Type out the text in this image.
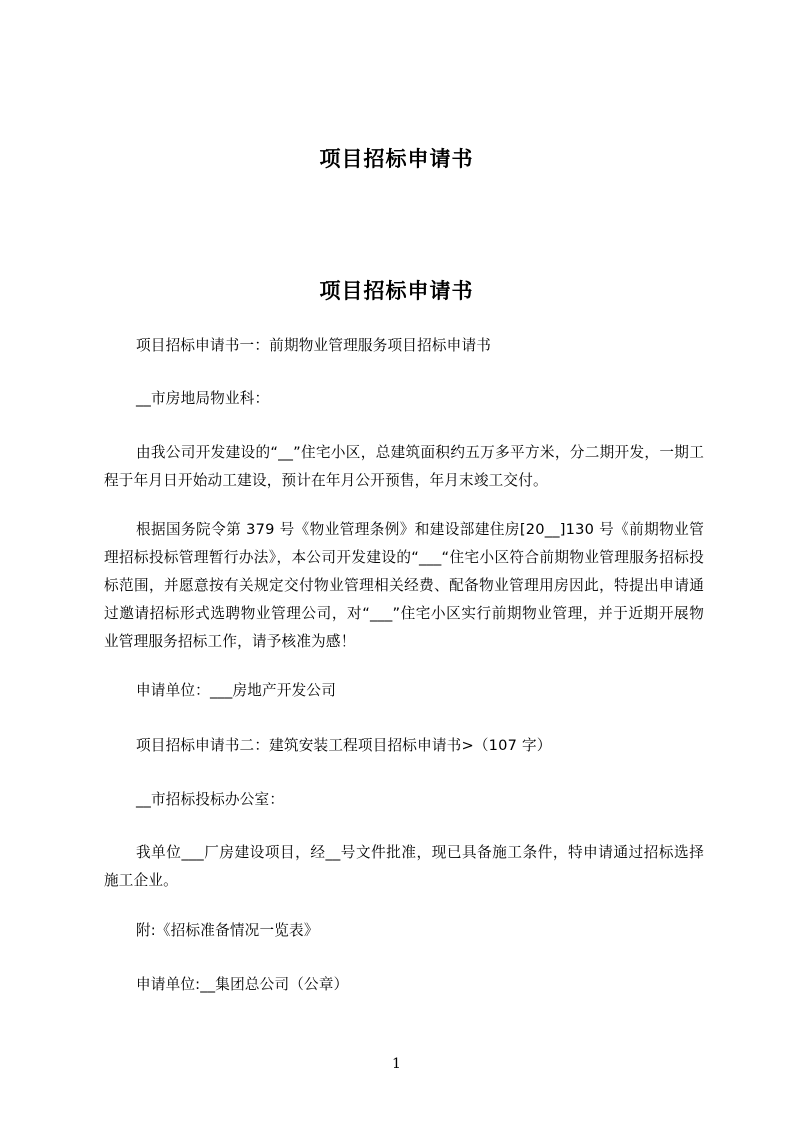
项目招标申请书
项目招标申请书

项目招标申请书一：前期物业管理服务项目招标申请书

__市房地局物业科：

由我公司开发建设的“__”住宅小区，总建筑面积约五万多平方米，分二期开发，一期工程于年月日开始动工建设，预计在年月公开预售，年月末竣工交付。

根据国务院令第 379 号《物业管理条例》和建设部建住房[20__]130 号《前期物业管理招标投标管理暂行办法》，本公司开发建设的“___“住宅小区符合前期物业管理服务招标投标范围，并愿意按有关规定交付物业管理相关经费、配备物业管理用房因此，特提出申请通过邀请招标形式选聘物业管理公司，对“___”住宅小区实行前期物业管理，并于近期开展物业管理服务招标工作，请予核准为感！

申请单位：___房地产开发公司

项目招标申请书二：建筑安装工程项目招标申请书>（107 字）

__市招标投标办公室：

我单位___厂房建设项目，经__号文件批准，现已具备施工条件，特申请通过招标选择施工企业。

附:《招标准备情况一览表》

申请单位:__集团总公司（公章）

1
